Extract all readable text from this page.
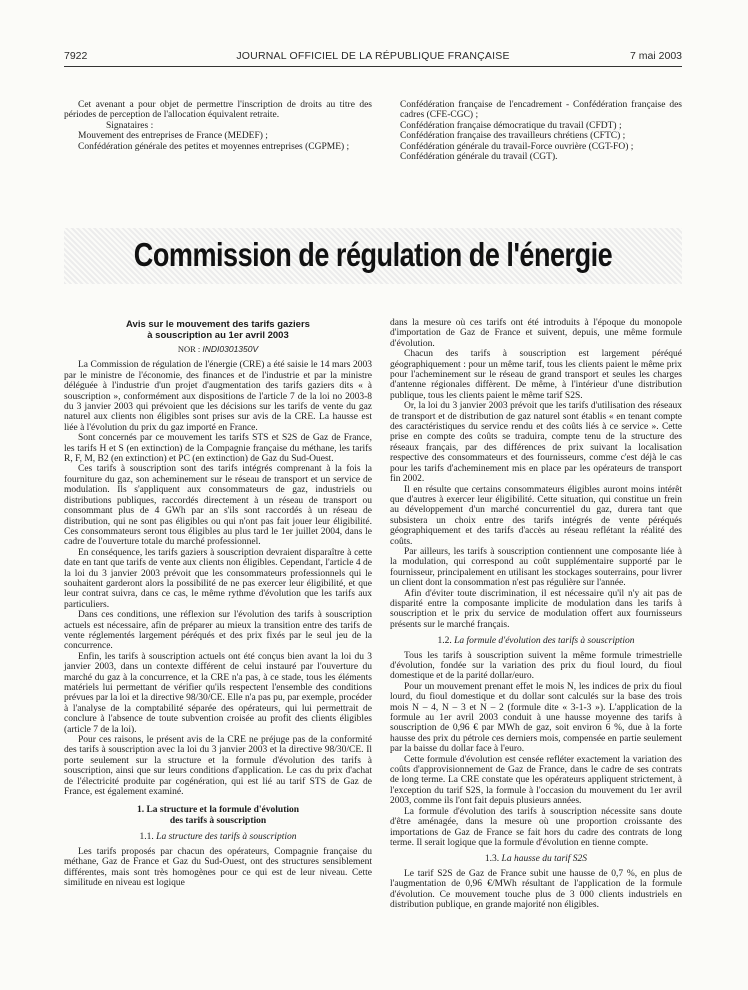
7922	JOURNAL OFFICIEL DE LA RÉPUBLIQUE FRANÇAISE	7 mai 2003

Cet avenant a pour objet de permettre l'inscription de droits au titre des périodes de perception de l'allocation équivalent retraite.

Signataires :

Mouvement des entreprises de France (MEDEF) ;

Confédération générale des petites et moyennes entreprises (CGPME) ;

Confédération française de l'encadrement - Confédération française des cadres (CFE-CGC) ;

Confédération française démocratique du travail (CFDT) ;

Confédération française des travailleurs chrétiens (CFTC) ;

Confédération générale du travail-Force ouvrière (CGT-FO) ;

Confédération générale du travail (CGT).

Commission de régulation de l'énergie

Avis sur le mouvement des tarifs gaziers

à souscription au 1er avril 2003

NOR : INDI0301350V

La Commission de régulation de l'énergie (CRE) a été saisie le 14 mars 2003 par le ministre de l'économie, des finances et de l'industrie et par la ministre déléguée à l'industrie d'un projet d'augmentation des tarifs gaziers dits « à souscription », conformément aux dispositions de l'article 7 de la loi no 2003-8 du 3 janvier 2003 qui prévoient que les décisions sur les tarifs de vente du gaz naturel aux clients non éligibles sont prises sur avis de la CRE. La hausse est liée à l'évolution du prix du gaz importé en France.

Sont concernés par ce mouvement les tarifs STS et S2S de Gaz de France, les tarifs H et S (en extinction) de la Compagnie française du méthane, les tarifs R, F, M, B2 (en extinction) et PC (en extinction) de Gaz du Sud-Ouest.

Ces tarifs à souscription sont des tarifs intégrés comprenant à la fois la fourniture du gaz, son acheminement sur le réseau de transport et un service de modulation. Ils s'appliquent aux consommateurs de gaz, industriels ou distributions publiques, raccordés directement à un réseau de transport ou consommant plus de 4 GWh par an s'ils sont raccordés à un réseau de distribution, qui ne sont pas éligibles ou qui n'ont pas fait jouer leur éligibilité. Ces consommateurs seront tous éligibles au plus tard le 1er juillet 2004, dans le cadre de l'ouverture totale du marché professionnel.

En conséquence, les tarifs gaziers à souscription devraient disparaître à cette date en tant que tarifs de vente aux clients non éligibles. Cependant, l'article 4 de la loi du 3 janvier 2003 prévoit que les consommateurs professionnels qui le souhaitent garderont alors la possibilité de ne pas exercer leur éligibilité, et que leur contrat suivra, dans ce cas, le même rythme d'évolution que les tarifs aux particuliers.

Dans ces conditions, une réflexion sur l'évolution des tarifs à souscription actuels est nécessaire, afin de préparer au mieux la transition entre des tarifs de vente réglementés largement péréqués et des prix fixés par le seul jeu de la concurrence.

Enfin, les tarifs à souscription actuels ont été conçus bien avant la loi du 3 janvier 2003, dans un contexte différent de celui instauré par l'ouverture du marché du gaz à la concurrence, et la CRE n'a pas, à ce stade, tous les éléments matériels lui permettant de vérifier qu'ils respectent l'ensemble des conditions prévues par la loi et la directive 98/30/CE. Elle n'a pas pu, par exemple, procéder à l'analyse de la comptabilité séparée des opérateurs, qui lui permettrait de conclure à l'absence de toute subvention croisée au profit des clients éligibles (article 7 de la loi).

Pour ces raisons, le présent avis de la CRE ne préjuge pas de la conformité des tarifs à souscription avec la loi du 3 janvier 2003 et la directive 98/30/CE. Il porte seulement sur la structure et la formule d'évolution des tarifs à souscription, ainsi que sur leurs conditions d'application. Le cas du prix d'achat de l'électricité produite par cogénération, qui est lié au tarif STS de Gaz de France, est également examiné.

1. La structure et la formule d'évolution
des tarifs à souscription

1.1. La structure des tarifs à souscription

Les tarifs proposés par chacun des opérateurs, Compagnie française du méthane, Gaz de France et Gaz du Sud-Ouest, ont des structures sensiblement différentes, mais sont très homogènes pour ce qui est de leur niveau. Cette similitude en niveau est logique

dans la mesure où ces tarifs ont été introduits à l'époque du monopole d'importation de Gaz de France et suivent, depuis, une même formule d'évolution.

Chacun des tarifs à souscription est largement péréqué géographiquement : pour un même tarif, tous les clients paient le même prix pour l'acheminement sur le réseau de grand transport et seules les charges d'antenne régionales diffèrent. De même, à l'intérieur d'une distribution publique, tous les clients paient le même tarif S2S.

Or, la loi du 3 janvier 2003 prévoit que les tarifs d'utilisation des réseaux de transport et de distribution de gaz naturel sont établis « en tenant compte des caractéristiques du service rendu et des coûts liés à ce service ». Cette prise en compte des coûts se traduira, compte tenu de la structure des réseaux français, par des différences de prix suivant la localisation respective des consommateurs et des fournisseurs, comme c'est déjà le cas pour les tarifs d'acheminement mis en place par les opérateurs de transport fin 2002.

Il en résulte que certains consommateurs éligibles auront moins intérêt que d'autres à exercer leur éligibilité. Cette situation, qui constitue un frein au développement d'un marché concurrentiel du gaz, durera tant que subsistera un choix entre des tarifs intégrés de vente péréqués géographiquement et des tarifs d'accès au réseau reflétant la réalité des coûts.

Par ailleurs, les tarifs à souscription contiennent une composante liée à la modulation, qui correspond au coût supplémentaire supporté par le fournisseur, principalement en utilisant les stockages souterrains, pour livrer un client dont la consommation n'est pas régulière sur l'année.

Afin d'éviter toute discrimination, il est nécessaire qu'il n'y ait pas de disparité entre la composante implicite de modulation dans les tarifs à souscription et le prix du service de modulation offert aux fournisseurs présents sur le marché français.

1.2. La formule d'évolution des tarifs à souscription

Tous les tarifs à souscription suivent la même formule trimestrielle d'évolution, fondée sur la variation des prix du fioul lourd, du fioul domestique et de la parité dollar/euro.

Pour un mouvement prenant effet le mois N, les indices de prix du fioul lourd, du fioul domestique et du dollar sont calculés sur la base des trois mois N – 4, N – 3 et N – 2 (formule dite « 3-1-3 »). L'application de la formule au 1er avril 2003 conduit à une hausse moyenne des tarifs à souscription de 0,96 € par MWh de gaz, soit environ 6 %, due à la forte hausse des prix du pétrole ces derniers mois, compensée en partie seulement par la baisse du dollar face à l'euro.

Cette formule d'évolution est censée refléter exactement la variation des coûts d'approvisionnement de Gaz de France, dans le cadre de ses contrats de long terme. La CRE constate que les opérateurs appliquent strictement, à l'exception du tarif S2S, la formule à l'occasion du mouvement du 1er avril 2003, comme ils l'ont fait depuis plusieurs années.

La formule d'évolution des tarifs à souscription nécessite sans doute d'être aménagée, dans la mesure où une proportion croissante des importations de Gaz de France se fait hors du cadre des contrats de long terme. Il serait logique que la formule d'évolution en tienne compte.

1.3. La hausse du tarif S2S

Le tarif S2S de Gaz de France subit une hausse de 0,7 %, en plus de l'augmentation de 0,96 €/MWh résultant de l'application de la formule d'évolution. Ce mouvement touche plus de 3 000 clients industriels en distribution publique, en grande majorité non éligibles.
